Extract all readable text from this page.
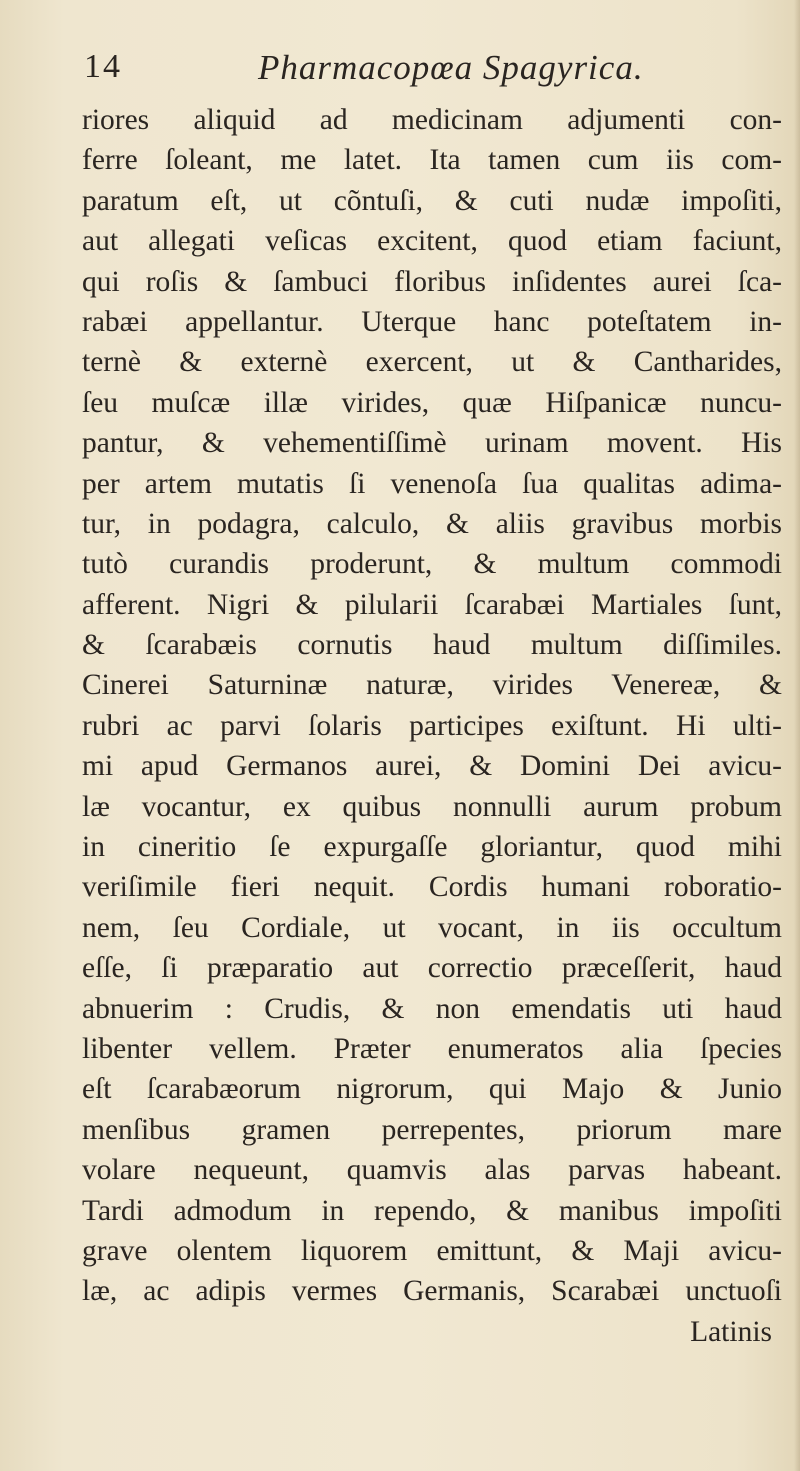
14	Pharmacopœa Spagyrica.
riores aliquid ad medicinam adjumenti con-
ferre ſoleant, me latet. Ita tamen cum iis com-
paratum eſt, ut cõntuſi, & cuti nudæ impoſiti,
aut allegati veſicas excitent, quod etiam faciunt,
qui roſis & ſambuci floribus inſidentes aurei ſca-
rabæi appellantur. Uterque hanc poteſtatem in-
ternè & externè exercent, ut & Cantharides,
ſeu muſcæ illæ virides, quæ Hiſpanicæ nuncu-
pantur, & vehementiſſimè urinam movent. His
per artem mutatis ſi venenoſa ſua qualitas adima-
tur, in podagra, calculo, & aliis gravibus morbis
tutò curandis proderunt, & multum commodi
afferent. Nigri & pilularii ſcarabæi Martiales ſunt,
& ſcarabæis cornutis haud multum diſſimiles.
Cinerei Saturninæ naturæ, virides Venereæ, &
rubri ac parvi ſolaris participes exiſtunt. Hi ulti-
mi apud Germanos aurei, & Domini Dei avicu-
læ vocantur, ex quibus nonnulli aurum probum
in cineritio ſe expurgaſſe gloriantur, quod mihi
veriſimile fieri nequit. Cordis humani roboratio-
nem, ſeu Cordiale, ut vocant, in iis occultum
eſſe, ſi præparatio aut correctio præceſſerit, haud
abnuerim : Crudis, & non emendatis uti haud
libenter vellem. Præter enumeratos alia ſpecies
eſt ſcarabæorum nigrorum, qui Majo & Junio
menſibus gramen perrepentes, priorum mare
volare nequeunt, quamvis alas parvas habeant.
Tardi admodum in rependo, & manibus impoſiti
grave olentem liquorem emittunt, & Maji avicu-
læ, ac adipis vermes Germanis, Scarabæi unctuoſi
Latinis
